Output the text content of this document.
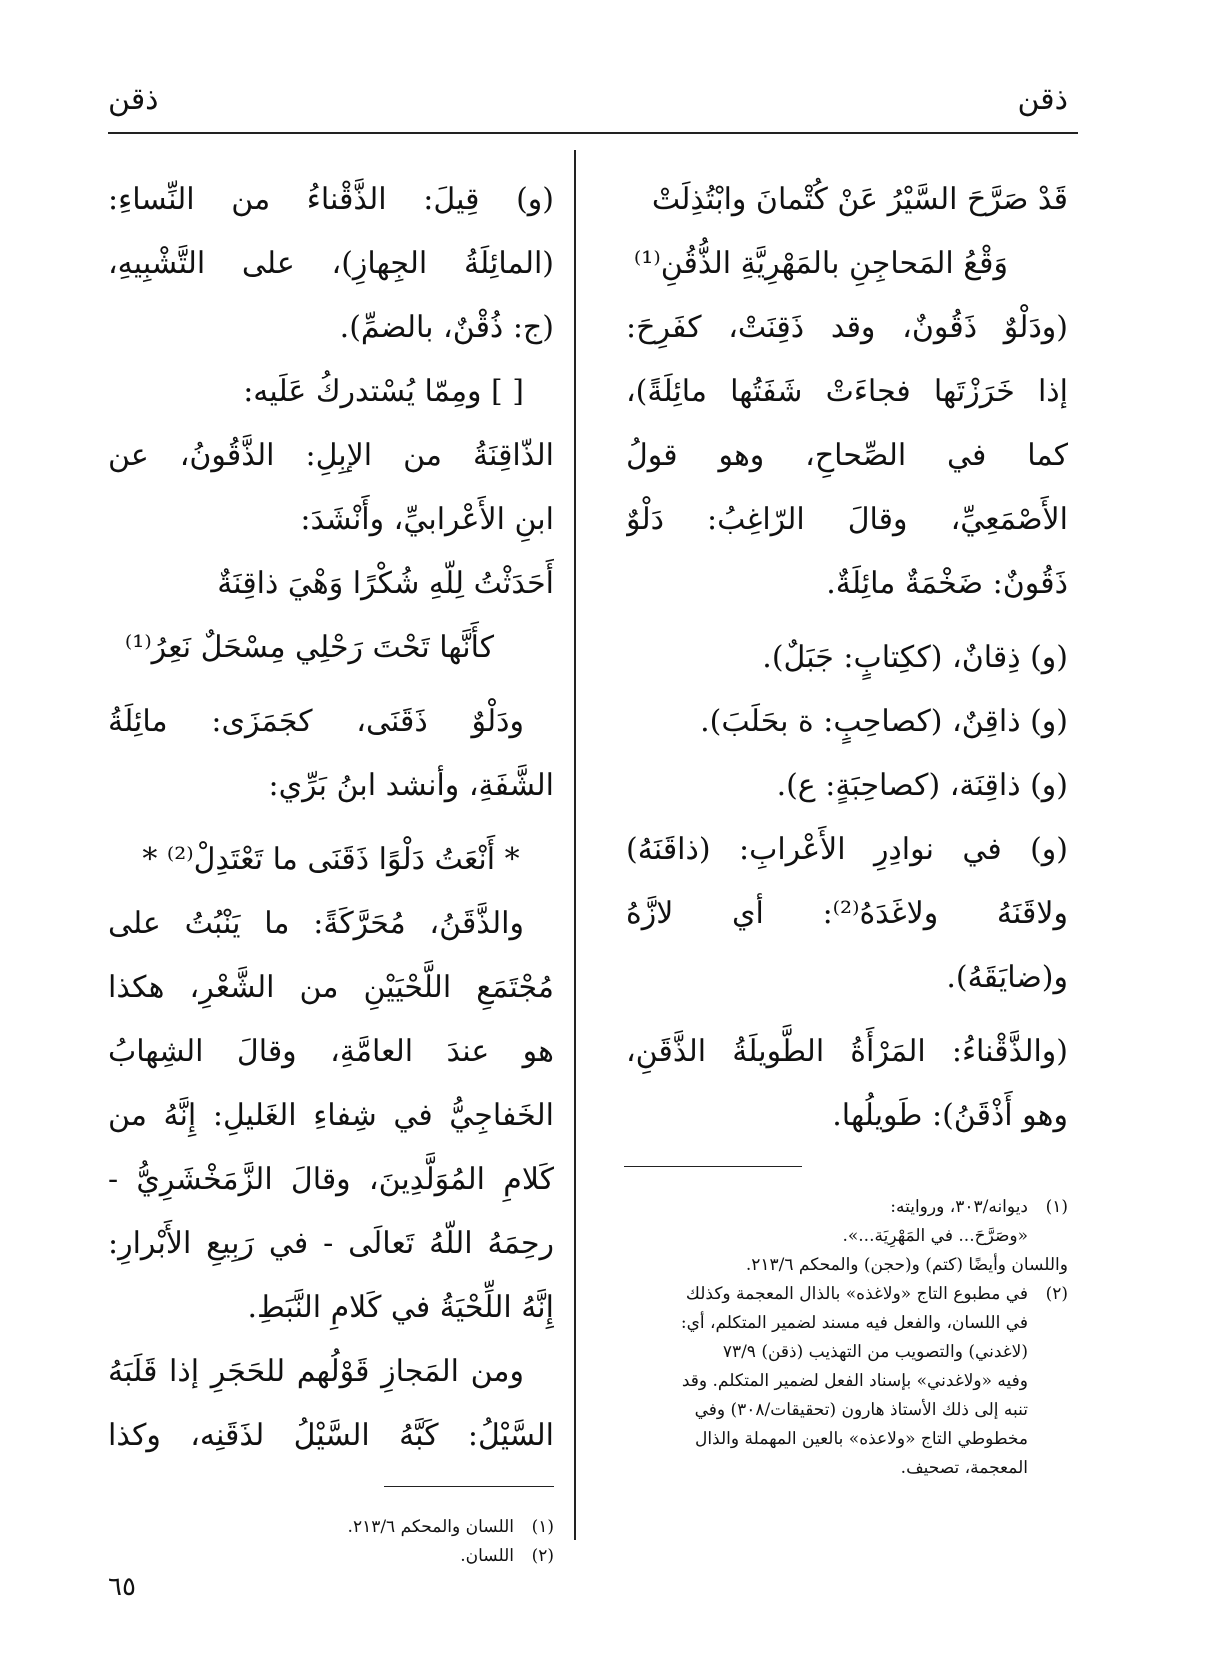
ذقن
ذقن
قَدْ صَرَّحَ السَّيْرُ عَنْ كُتْمانَ وابْتُذِلَتْ
وَقْعُ المَحاجِنِ بالمَهْرِيَّةِ الذُّقُنِ⁽¹⁾
(ودَلْوٌ ذَقُونٌ، وقد ذَقِنَتْ، كفَرِحَ:
إذا خَرَزْتَها فجاءَتْ شَفَتُها مائِلَةً)،
كما في الصِّحاحِ، وهو قولُ
الأَصْمَعِيِّ، وقالَ الرّاغِبُ: دَلْوٌ
ذَقُونٌ: ضَخْمَةٌ مائِلَةٌ.
(و) ذِقانٌ، (ككِتابٍ: جَبَلٌ).
(و) ذاقِنٌ، (كصاحِبٍ: ة بحَلَبَ).
(و) ذاقِنَة، (كصاحِبَةٍ: ع).
(و) في نوادِرِ الأَعْرابِ: (ذاقَنَهُ)
ولاقَنَهُ ولاغَدَهُ⁽²⁾: أي لازَّهُ
و(ضايَقَهُ).
(والذَّقْناءُ: المَرْأَةُ الطَّويلَةُ الذَّقَنِ،
وهو أَذْقَنُ): طَويلُها.
(١)ديوانه/٣٠٣، وروايته:
«وصَرَّحَ... في المَهْرِيَة...».
واللسان وأيضًا (كتم) و(حجن) والمحكم ٢١٣/٦.
(٢)في مطبوع التاج «ولاغذه» بالذال المعجمة وكذلك
في اللسان، والفعل فيه مسند لضمير المتكلم، أي:
(لاغدني) والتصويب من التهذيب (ذقن) ٧٣/٩
وفيه «ولاغدني» بإسناد الفعل لضمير المتكلم. وقد
تنبه إلى ذلك الأستاذ هارون (تحقيقات/٣٠٨) وفي
مخطوطي التاج «ولاعذه» بالعين المهملة والذال
المعجمة، تصحيف.
(و) قِيلَ: الذَّقْناءُ من النِّساءِ:
(المائِلَةُ الجِهازِ)، على التَّشْبِيهِ،
(ج: ذُقْنٌ، بالضمِّ).
[ ] ومِمّا يُسْتدركُ عَلَيه:
الذّاقِنَةُ من الإبِلِ: الذَّقُونُ، عن
ابنِ الأَعْرابيِّ، وأَنْشَدَ:
أَحَدَثْتُ لِلّهِ شُكْرًا وَهْيَ ذاقِنَةٌ
كأَنَّها تَحْتَ رَحْلِي مِسْحَلٌ نَعِرُ⁽¹⁾
ودَلْوٌ ذَقَنَى، كجَمَزَى: مائِلَةُ
الشَّفَةِ، وأنشد ابنُ بَرِّي:
* أَنْعَتُ دَلْوًا ذَقَنَى ما تَعْتَدِلْ⁽²⁾ *
والذَّقَنُ، مُحَرَّكَةً: ما يَنْبُتُ على
مُجْتَمَعِ اللَّحْيَيْنِ من الشَّعْرِ، هكذا
هو عندَ العامَّةِ، وقالَ الشِهابُ
الخَفاجِيُّ في شِفاءِ الغَليلِ: إِنَّهُ من
كَلامِ المُوَلَّدِينَ، وقالَ الزَّمَخْشَرِيُّ -
رحِمَهُ اللّهُ تَعالَى - في رَبِيعِ الأَبْرارِ:
إِنَّهُ اللِّحْيَةُ في كَلامِ النَّبَطِ.
ومن المَجازِ قَوْلُهم للحَجَرِ إذا قَلَبَهُ
السَّيْلُ: كَبَّهُ السَّيْلُ لذَقَنِه، وكذا
(١)اللسان والمحكم ٢١٣/٦.
(٢)اللسان.
٦٥
